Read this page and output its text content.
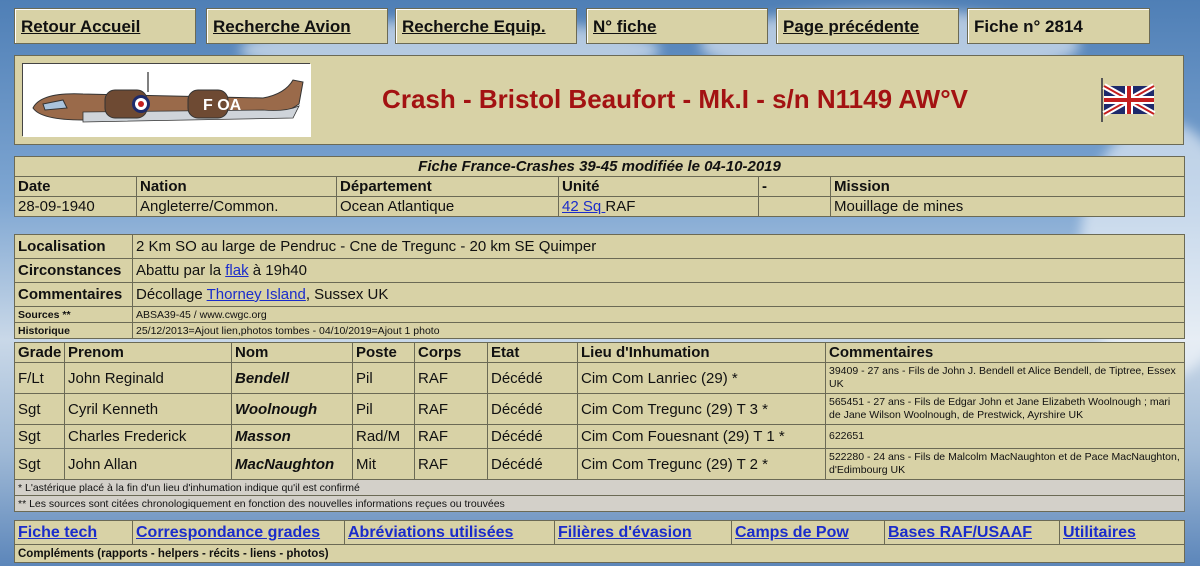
Retour Accueil	Recherche Avion	Recherche Equip.	N° fiche	Page précédente	Fiche n° 2814
F OA	Crash - Bristol Beaufort - Mk.I - s/n N1149 AW°V
Fiche France-Crashes 39-45 modifiée le 04-10-2019					
Date	Nation	Département	Unité	-	Mission
28-09-1940	Angleterre/Common.	Ocean Atlantique	42 Sq RAF		Mouillage de mines
Localisation	2 Km SO au large de Pendruc - Cne de Tregunc - 20 km SE Quimper
Circonstances	Abattu par la flak à 19h40
Commentaires	Décollage Thorney Island, Sussex UK
Sources **	ABSA39-45 / www.cwgc.org
Historique	25/12/2013=Ajout lien,photos tombes - 04/10/2019=Ajout 1 photo
Grade	Prenom	Nom	Poste	Corps	Etat	Lieu d'Inhumation	Commentaires
F/Lt	John Reginald	Bendell	Pil	RAF	Décédé	Cim Com Lanriec (29) *	39409 - 27 ans - Fils de John J. Bendell et Alice Bendell, de Tiptree, Essex UK
Sgt	Cyril Kenneth	Woolnough	Pil	RAF	Décédé	Cim Com Tregunc (29) T 3 *	565451 - 27 ans - Fils de Edgar John et Jane Elizabeth Woolnough ; mari de Jane Wilson Woolnough, de Prestwick, Ayrshire UK
Sgt	Charles Frederick	Masson	Rad/M	RAF	Décédé	Cim Com Fouesnant (29) T 1 *	622651
Sgt	John Allan	MacNaughton	Mit	RAF	Décédé	Cim Com Tregunc (29) T 2 *	522280 - 24 ans - Fils de Malcolm MacNaughton et de Pace MacNaughton, d'Edimbourg UK
* L'astérique placé à la fin d'un lieu d'inhumation indique qu'il est confirmé							
** Les sources sont citées chronologiquement en fonction des nouvelles informations reçues ou trouvées							
Fiche tech	Correspondance grades	Abréviations utilisées	Filières d'évasion	Camps de Pow	Bases RAF/USAAF	Utilitaires
Compléments (rapports - helpers - récits - liens - photos)
